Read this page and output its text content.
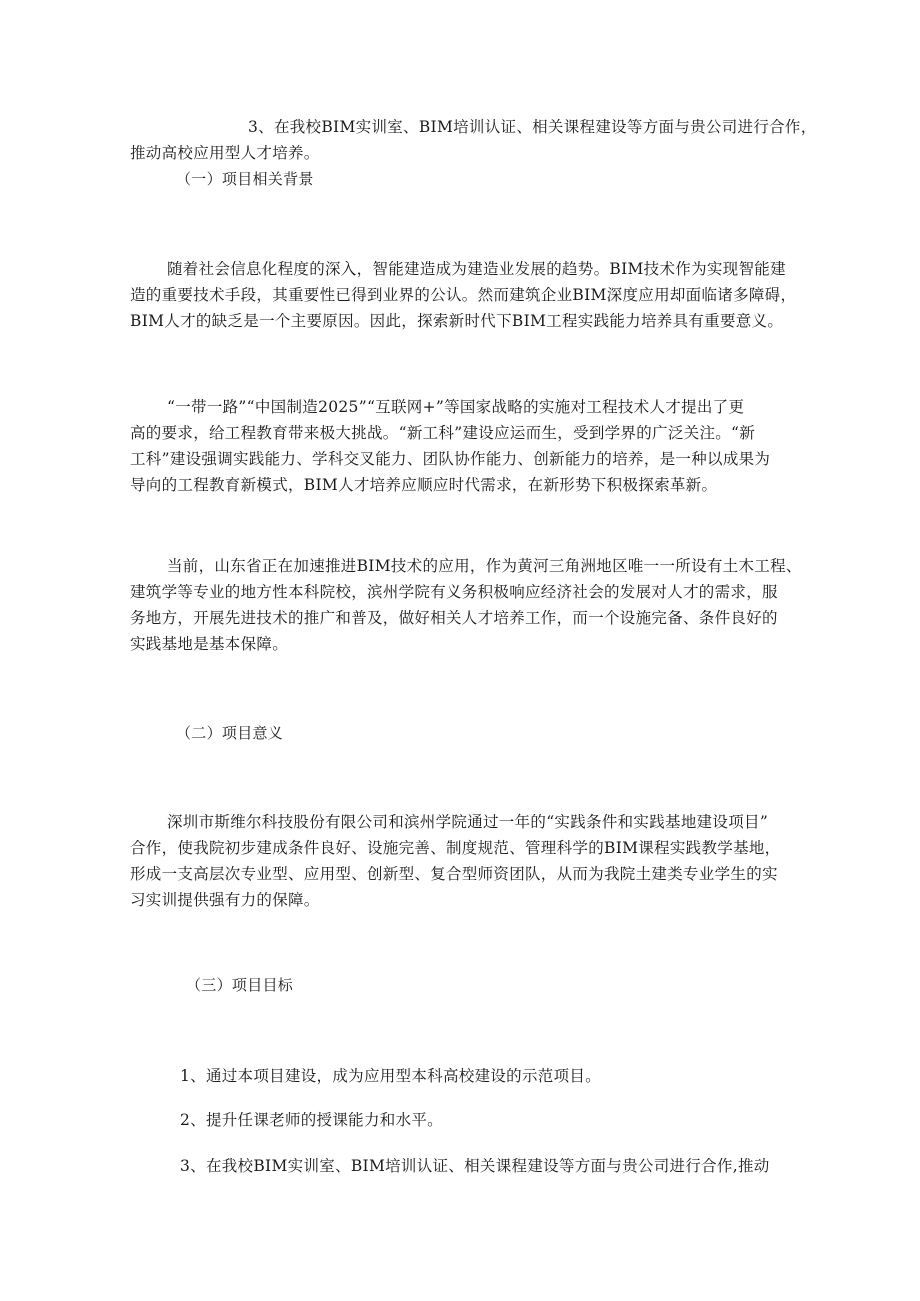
3、在我校BIM实训室、BIM培训认证、相关课程建设等方面与贵公司进行合作，
推动高校应用型人才培养。
（一）项目相关背景
随着社会信息化程度的深入，智能建造成为建造业发展的趋势。BIM技术作为实现智能建
造的重要技术手段，其重要性已得到业界的公认。然而建筑企业BIM深度应用却面临诸多障碍，
BIM人才的缺乏是一个主要原因。因此，探索新时代下BIM工程实践能力培养具有重要意义。
“一带一路”“中国制造2025”“互联网+”等国家战略的实施对工程技术人才提出了更
高的要求，给工程教育带来极大挑战。“新工科”建设应运而生，受到学界的广泛关注。“新
工科”建设强调实践能力、学科交叉能力、团队协作能力、创新能力的培养，是一种以成果为
导向的工程教育新模式，BIM人才培养应顺应时代需求，在新形势下积极探索革新。
当前，山东省正在加速推进BIM技术的应用，作为黄河三角洲地区唯一一所设有土木工程、
建筑学等专业的地方性本科院校，滨州学院有义务积极响应经济社会的发展对人才的需求，服
务地方，开展先进技术的推广和普及，做好相关人才培养工作，而一个设施完备、条件良好的
实践基地是基本保障。
（二）项目意义
深圳市斯维尔科技股份有限公司和滨州学院通过一年的“实践条件和实践基地建设项目”
合作，使我院初步建成条件良好、设施完善、制度规范、管理科学的BIM课程实践教学基地，
形成一支高层次专业型、应用型、创新型、复合型师资团队，从而为我院土建类专业学生的实
习实训提供强有力的保障。
（三）项目目标
1、通过本项目建设，成为应用型本科高校建设的示范项目。
2、提升任课老师的授课能力和水平。
3、在我校BIM实训室、BIM培训认证、相关课程建设等方面与贵公司进行合作,推动
